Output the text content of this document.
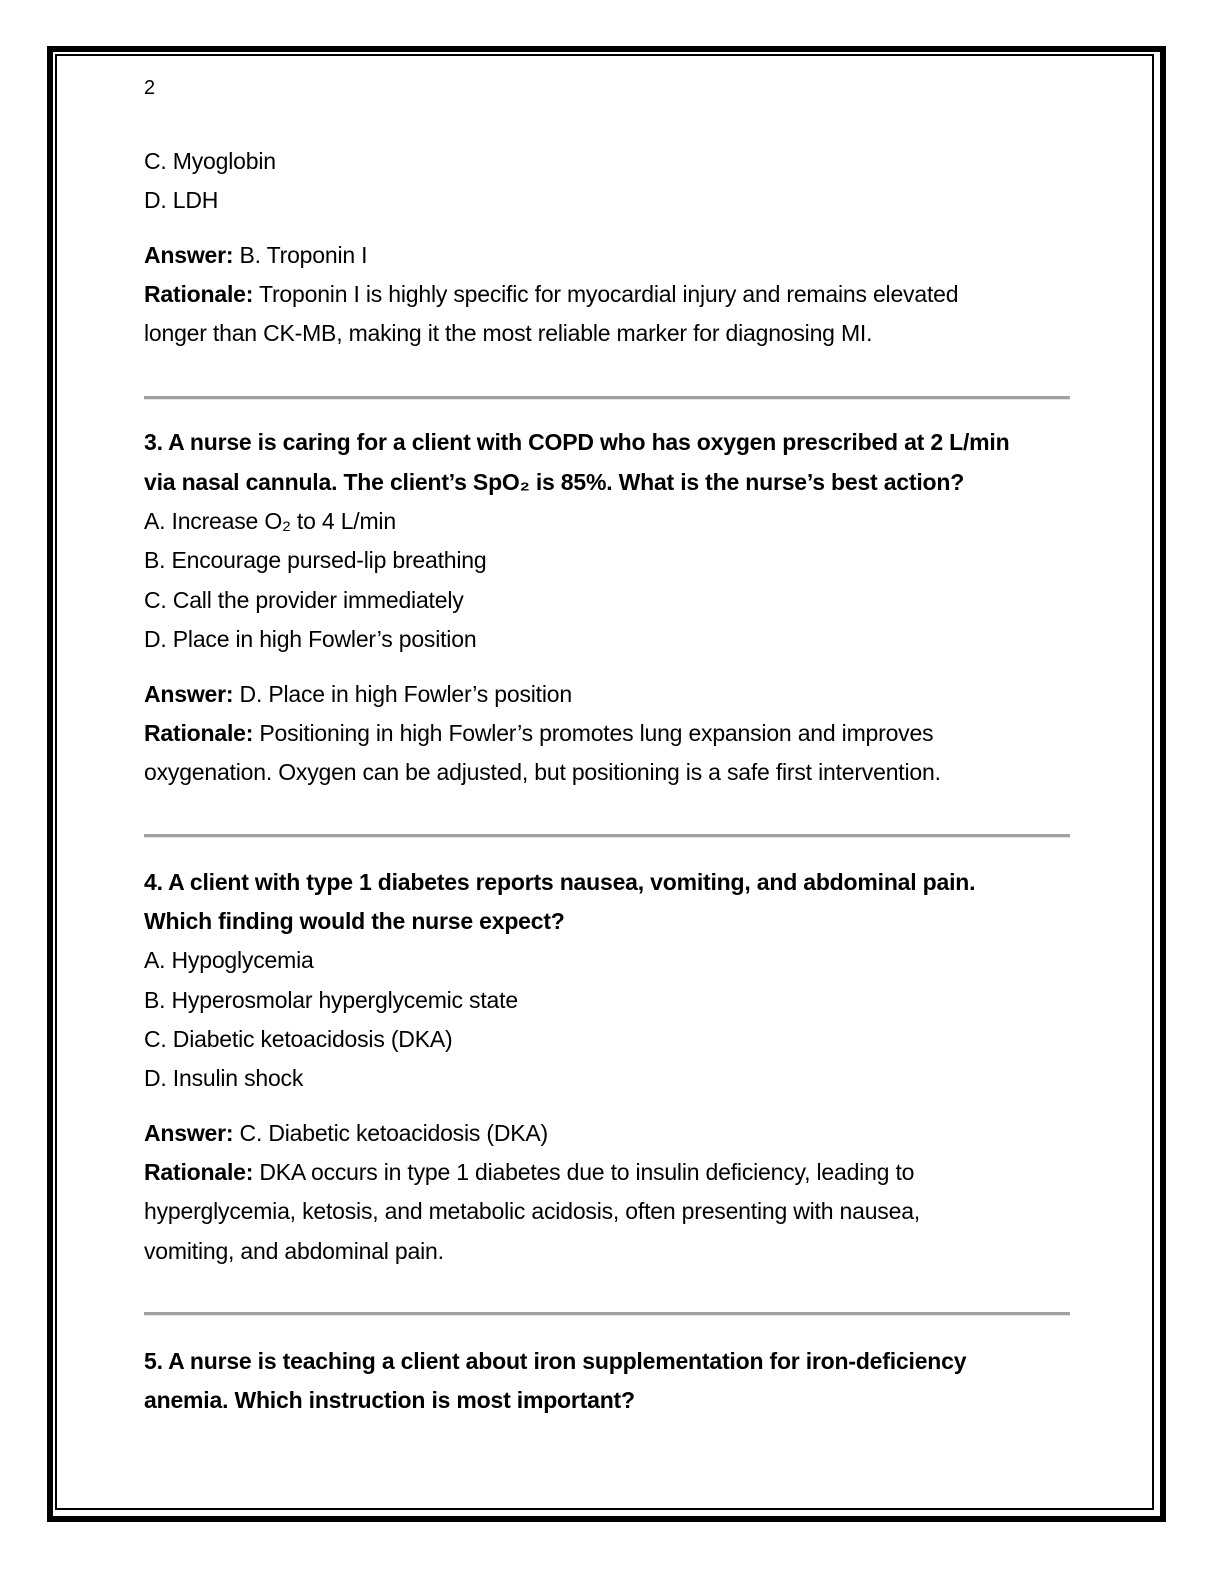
2
C. Myoglobin
D. LDH
Answer: B. Troponin I
Rationale: Troponin I is highly specific for myocardial injury and remains elevated
longer than CK-MB, making it the most reliable marker for diagnosing MI.
3. A nurse is caring for a client with COPD who has oxygen prescribed at 2 L/min
via nasal cannula. The client’s SpO₂ is 85%. What is the nurse’s best action?
A. Increase O₂ to 4 L/min
B. Encourage pursed-lip breathing
C. Call the provider immediately
D. Place in high Fowler’s position
Answer: D. Place in high Fowler’s position
Rationale: Positioning in high Fowler’s promotes lung expansion and improves
oxygenation. Oxygen can be adjusted, but positioning is a safe first intervention.
4. A client with type 1 diabetes reports nausea, vomiting, and abdominal pain.
Which finding would the nurse expect?
A. Hypoglycemia
B. Hyperosmolar hyperglycemic state
C. Diabetic ketoacidosis (DKA)
D. Insulin shock
Answer: C. Diabetic ketoacidosis (DKA)
Rationale: DKA occurs in type 1 diabetes due to insulin deficiency, leading to
hyperglycemia, ketosis, and metabolic acidosis, often presenting with nausea,
vomiting, and abdominal pain.
5. A nurse is teaching a client about iron supplementation for iron-deficiency
anemia. Which instruction is most important?
